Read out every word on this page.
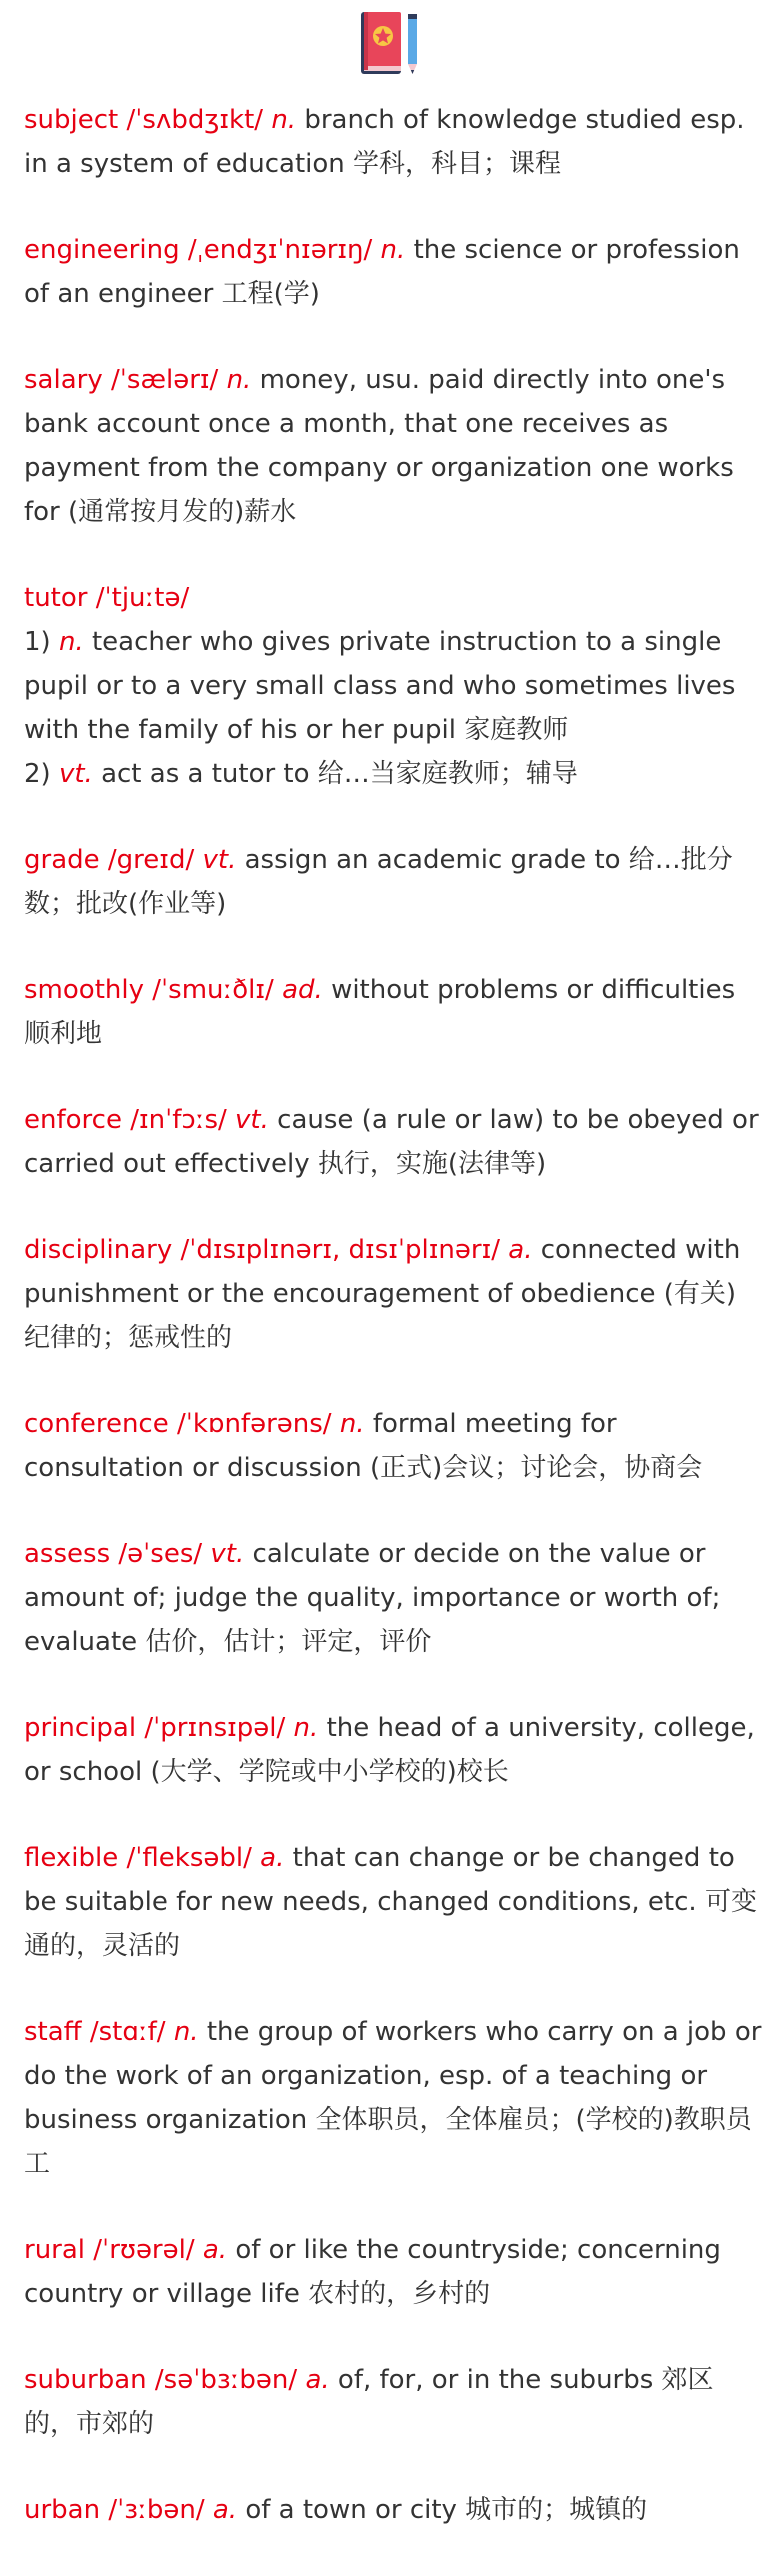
subject /ˈsʌbdʒɪkt/ n. branch of knowledge studied esp. in a system of education 学科，科目；课程
engineering /ˌendʒɪˈnɪərɪŋ/ n. the science or profession of an engineer 工程(学)
salary /ˈsælərɪ/ n. money, usu. paid directly into one's bank account once a month, that one receives as payment from the company or organization one works for (通常按月发的)薪水
tutor /ˈtjuːtə/
1) n. teacher who gives private instruction to a single pupil or to a very small class and who sometimes lives with the family of his or her pupil 家庭教师
2) vt. act as a tutor to 给…当家庭教师；辅导
grade /greɪd/ vt. assign an academic grade to 给…批分数；批改(作业等)
smoothly /ˈsmuːðlɪ/ ad. without problems or difficulties 顺利地
enforce /ɪnˈfɔːs/ vt. cause (a rule or law) to be obeyed or carried out effectively 执行，实施(法律等)
disciplinary /ˈdɪsɪplɪnərɪ, dɪsɪˈplɪnərɪ/ a. connected with punishment or the encouragement of obedience (有关) 纪律的；惩戒性的
conference /ˈkɒnfərəns/ n. formal meeting for consultation or discussion (正式)会议；讨论会，协商会
assess /əˈses/ vt. calculate or decide on the value or amount of; judge the quality, importance or worth of; evaluate 估价，估计；评定，评价
principal /ˈprɪnsɪpəl/ n. the head of a university, college, or school (大学、学院或中小学校的)校长
flexible /ˈfleksəbl/ a. that can change or be changed to be suitable for new needs, changed conditions, etc. 可变通的，灵活的
staff /stɑːf/ n. the group of workers who carry on a job or do the work of an organization, esp. of a teaching or business organization 全体职员，全体雇员；(学校的)教职员工
rural /ˈrʊərəl/ a. of or like the countryside; concerning country or village life 农村的，乡村的
suburban /səˈbɜːbən/ a. of, for, or in the suburbs 郊区的，市郊的
urban /ˈɜːbən/ a. of a town or city 城市的；城镇的
